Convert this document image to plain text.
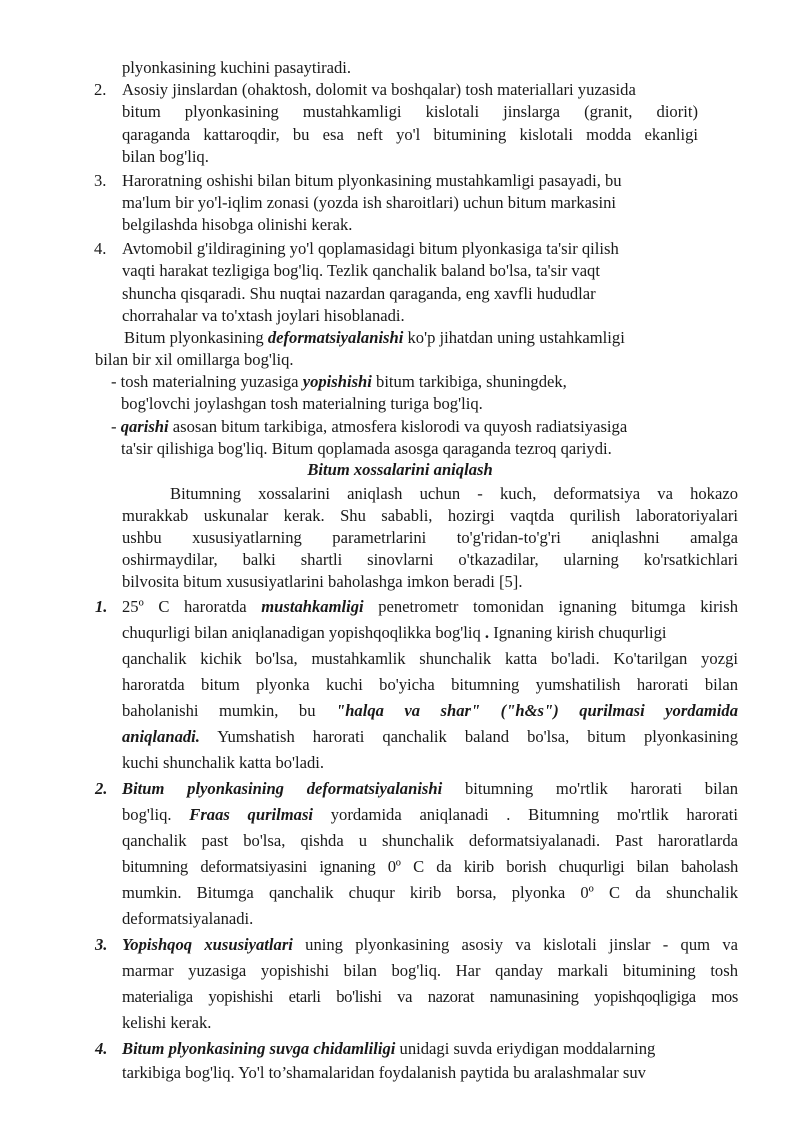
plyonkasining kuchini pasaytiradi.
2. Asosiy jinslardan (ohaktosh, dolomit va boshqalar) tosh materiallari yuzasida
bitum plyonkasining mustahkamligi kislotali jinslarga (granit, diorit)
qaraganda kattaroqdir, bu esa neft yo'l bitumining kislotali modda ekanligi
bilan bog'liq.
3. Haroratning oshishi bilan bitum plyonkasining mustahkamligi pasayadi, bu
ma'lum bir yo'l-iqlim zonasi (yozda ish sharoitlari) uchun bitum markasini
belgilashda hisobga olinishi kerak.
4. Avtomobil g'ildiragining yo'l qoplamasidagi bitum plyonkasiga ta'sir qilish
vaqti harakat tezligiga bog'liq. Tezlik qanchalik baland bo'lsa, ta'sir vaqt
shuncha qisqaradi. Shu nuqtai nazardan qaraganda, eng xavfli hududlar
chorrahalar va to'xtash joylari hisoblanadi.
Bitum plyonkasining deformatsiyalanishi ko'p jihatdan uning ustahkamligi
bilan bir xil omillarga bog'liq.
- tosh materialning yuzasiga yopishishi bitum tarkibiga, shuningdek,
bog'lovchi joylashgan tosh materialning turiga bog'liq.
- qarishi asosan bitum tarkibiga, atmosfera kislorodi va quyosh radiatsiyasiga
ta'sir qilishiga bog'liq. Bitum qoplamada asosga qaraganda tezroq qariydi.
Bitum xossalarini aniqlash
Bitumning xossalarini aniqlash uchun - kuch, deformatsiya va hokazo
murakkab uskunalar kerak. Shu sababli, hozirgi vaqtda qurilish laboratoriyalari
ushbu xususiyatlarning parametrlarini to'g'ridan-to'g'ri aniqlashni amalga
oshirmaydilar, balki shartli sinovlarni o'tkazadilar, ularning ko'rsatkichlari
bilvosita bitum xususiyatlarini baholashga imkon beradi [5].
1. 25º C haroratda mustahkamligi penetrometr tomonidan ignaning bitumga kirish
chuqurligi bilan aniqlanadigan yopishqoqlikka bog'liq . Ignaning kirish chuqurligi
qanchalik kichik bo'lsa, mustahkamlik shunchalik katta bo'ladi. Ko'tarilgan yozgi
haroratda bitum plyonka kuchi bo'yicha bitumning yumshatilish harorati bilan
baholanishi mumkin, bu "halqa va shar" ("h&s") qurilmasi yordamida
aniqlanadi. Yumshatish harorati qanchalik baland bo'lsa, bitum plyonkasining
kuchi shunchalik katta bo'ladi.
2. Bitum plyonkasining deformatsiyalanishi bitumning mo'rtlik harorati bilan
bog'liq. Fraas qurilmasi yordamida aniqlanadi . Bitumning mo'rtlik harorati
qanchalik past bo'lsa, qishda u shunchalik deformatsiyalanadi. Past haroratlarda
bitumning deformatsiyasini ignaning 0º C da kirib borish chuqurligi bilan baholash
mumkin. Bitumga qanchalik chuqur kirib borsa, plyonka 0º C da shunchalik
deformatsiyalanadi.
3. Yopishqoq xususiyatlari uning plyonkasining asosiy va kislotali jinslar - qum va
marmar yuzasiga yopishishi bilan bog'liq. Har qanday markali bitumining tosh
materialiga yopishishi etarli bo'lishi va nazorat namunasining yopishqoqligiga mos
kelishi kerak.
4. Bitum plyonkasining suvga chidamliligi unidagi suvda eriydigan moddalarning
tarkibiga bog'liq. Yo'l to’shamalaridan foydalanish paytida bu aralashmalar suv
